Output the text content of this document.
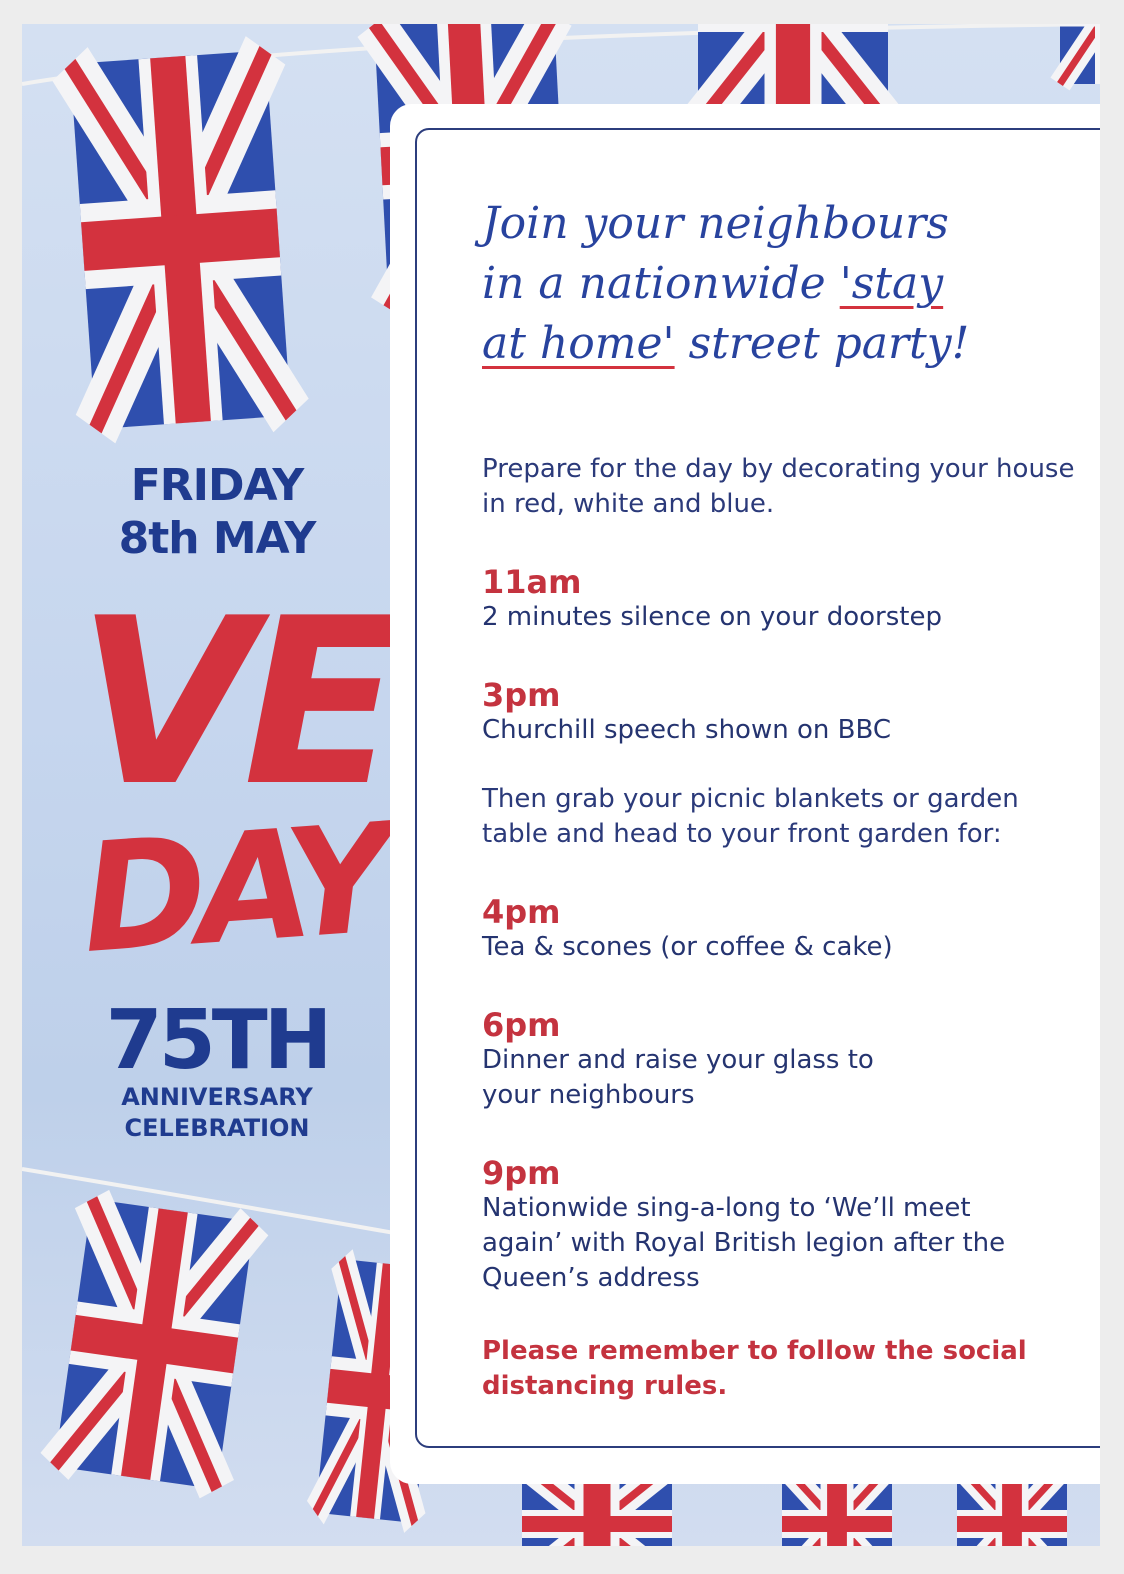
FRIDAY
8th MAY
VE
DAY
75TH
ANNIVERSARY
CELEBRATION
Join your neighbours
in a nationwide 'stay
at home' street party!

Prepare for the day by decorating your house in red, white and blue.

11am

2 minutes silence on your doorstep

3pm

Churchill speech shown on BBC

Then grab your picnic blankets or garden table and head to your front garden for:

4pm

Tea & scones (or coffee & cake)

6pm

Dinner and raise your glass to your neighbours

9pm

Nationwide sing-a-long to ‘We’ll meet again’ with Royal British legion after the Queen’s address

Please remember to follow the social distancing rules.
